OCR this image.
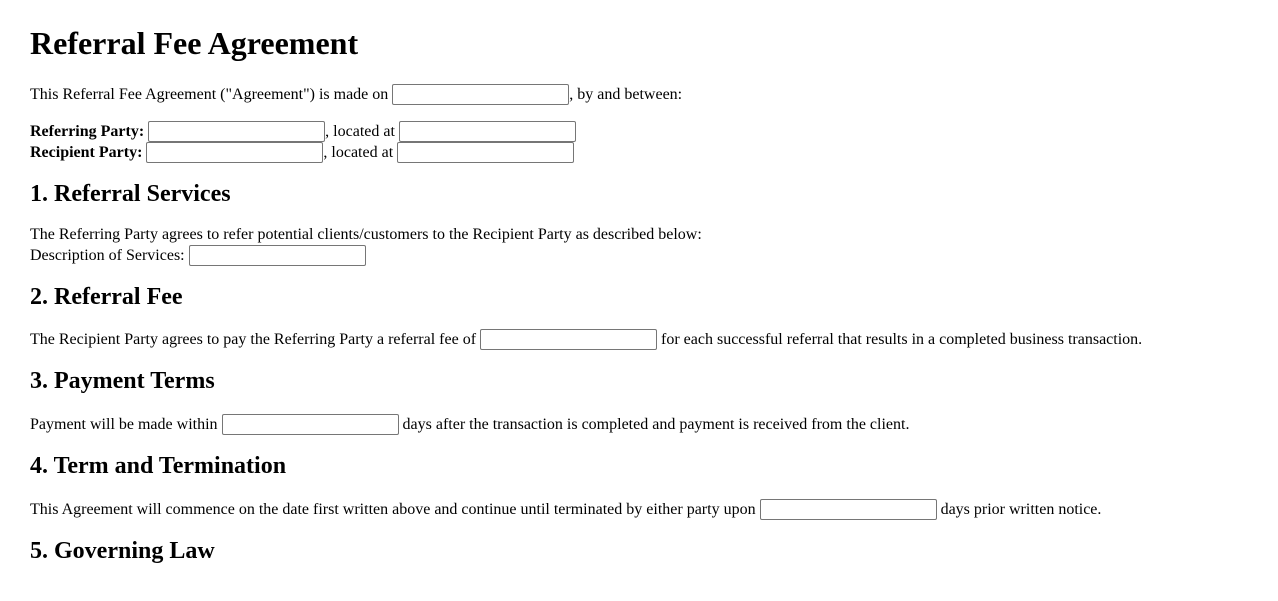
Referral Fee Agreement

This Referral Fee Agreement ("Agreement") is made on	, by and between:

Referring Party:	, located at
Recipient Party:	, located at

1. Referral Services

The Referring Party agrees to refer potential clients/customers to the Recipient Party as described below:
Description of Services:

2. Referral Fee

The Recipient Party agrees to pay the Referring Party a referral fee of	for each successful referral that results in a completed business transaction.

3. Payment Terms

Payment will be made within	days after the transaction is completed and payment is received from the client.

4. Term and Termination

This Agreement will commence on the date first written above and continue until terminated by either party upon	days prior written notice.

5. Governing Law
